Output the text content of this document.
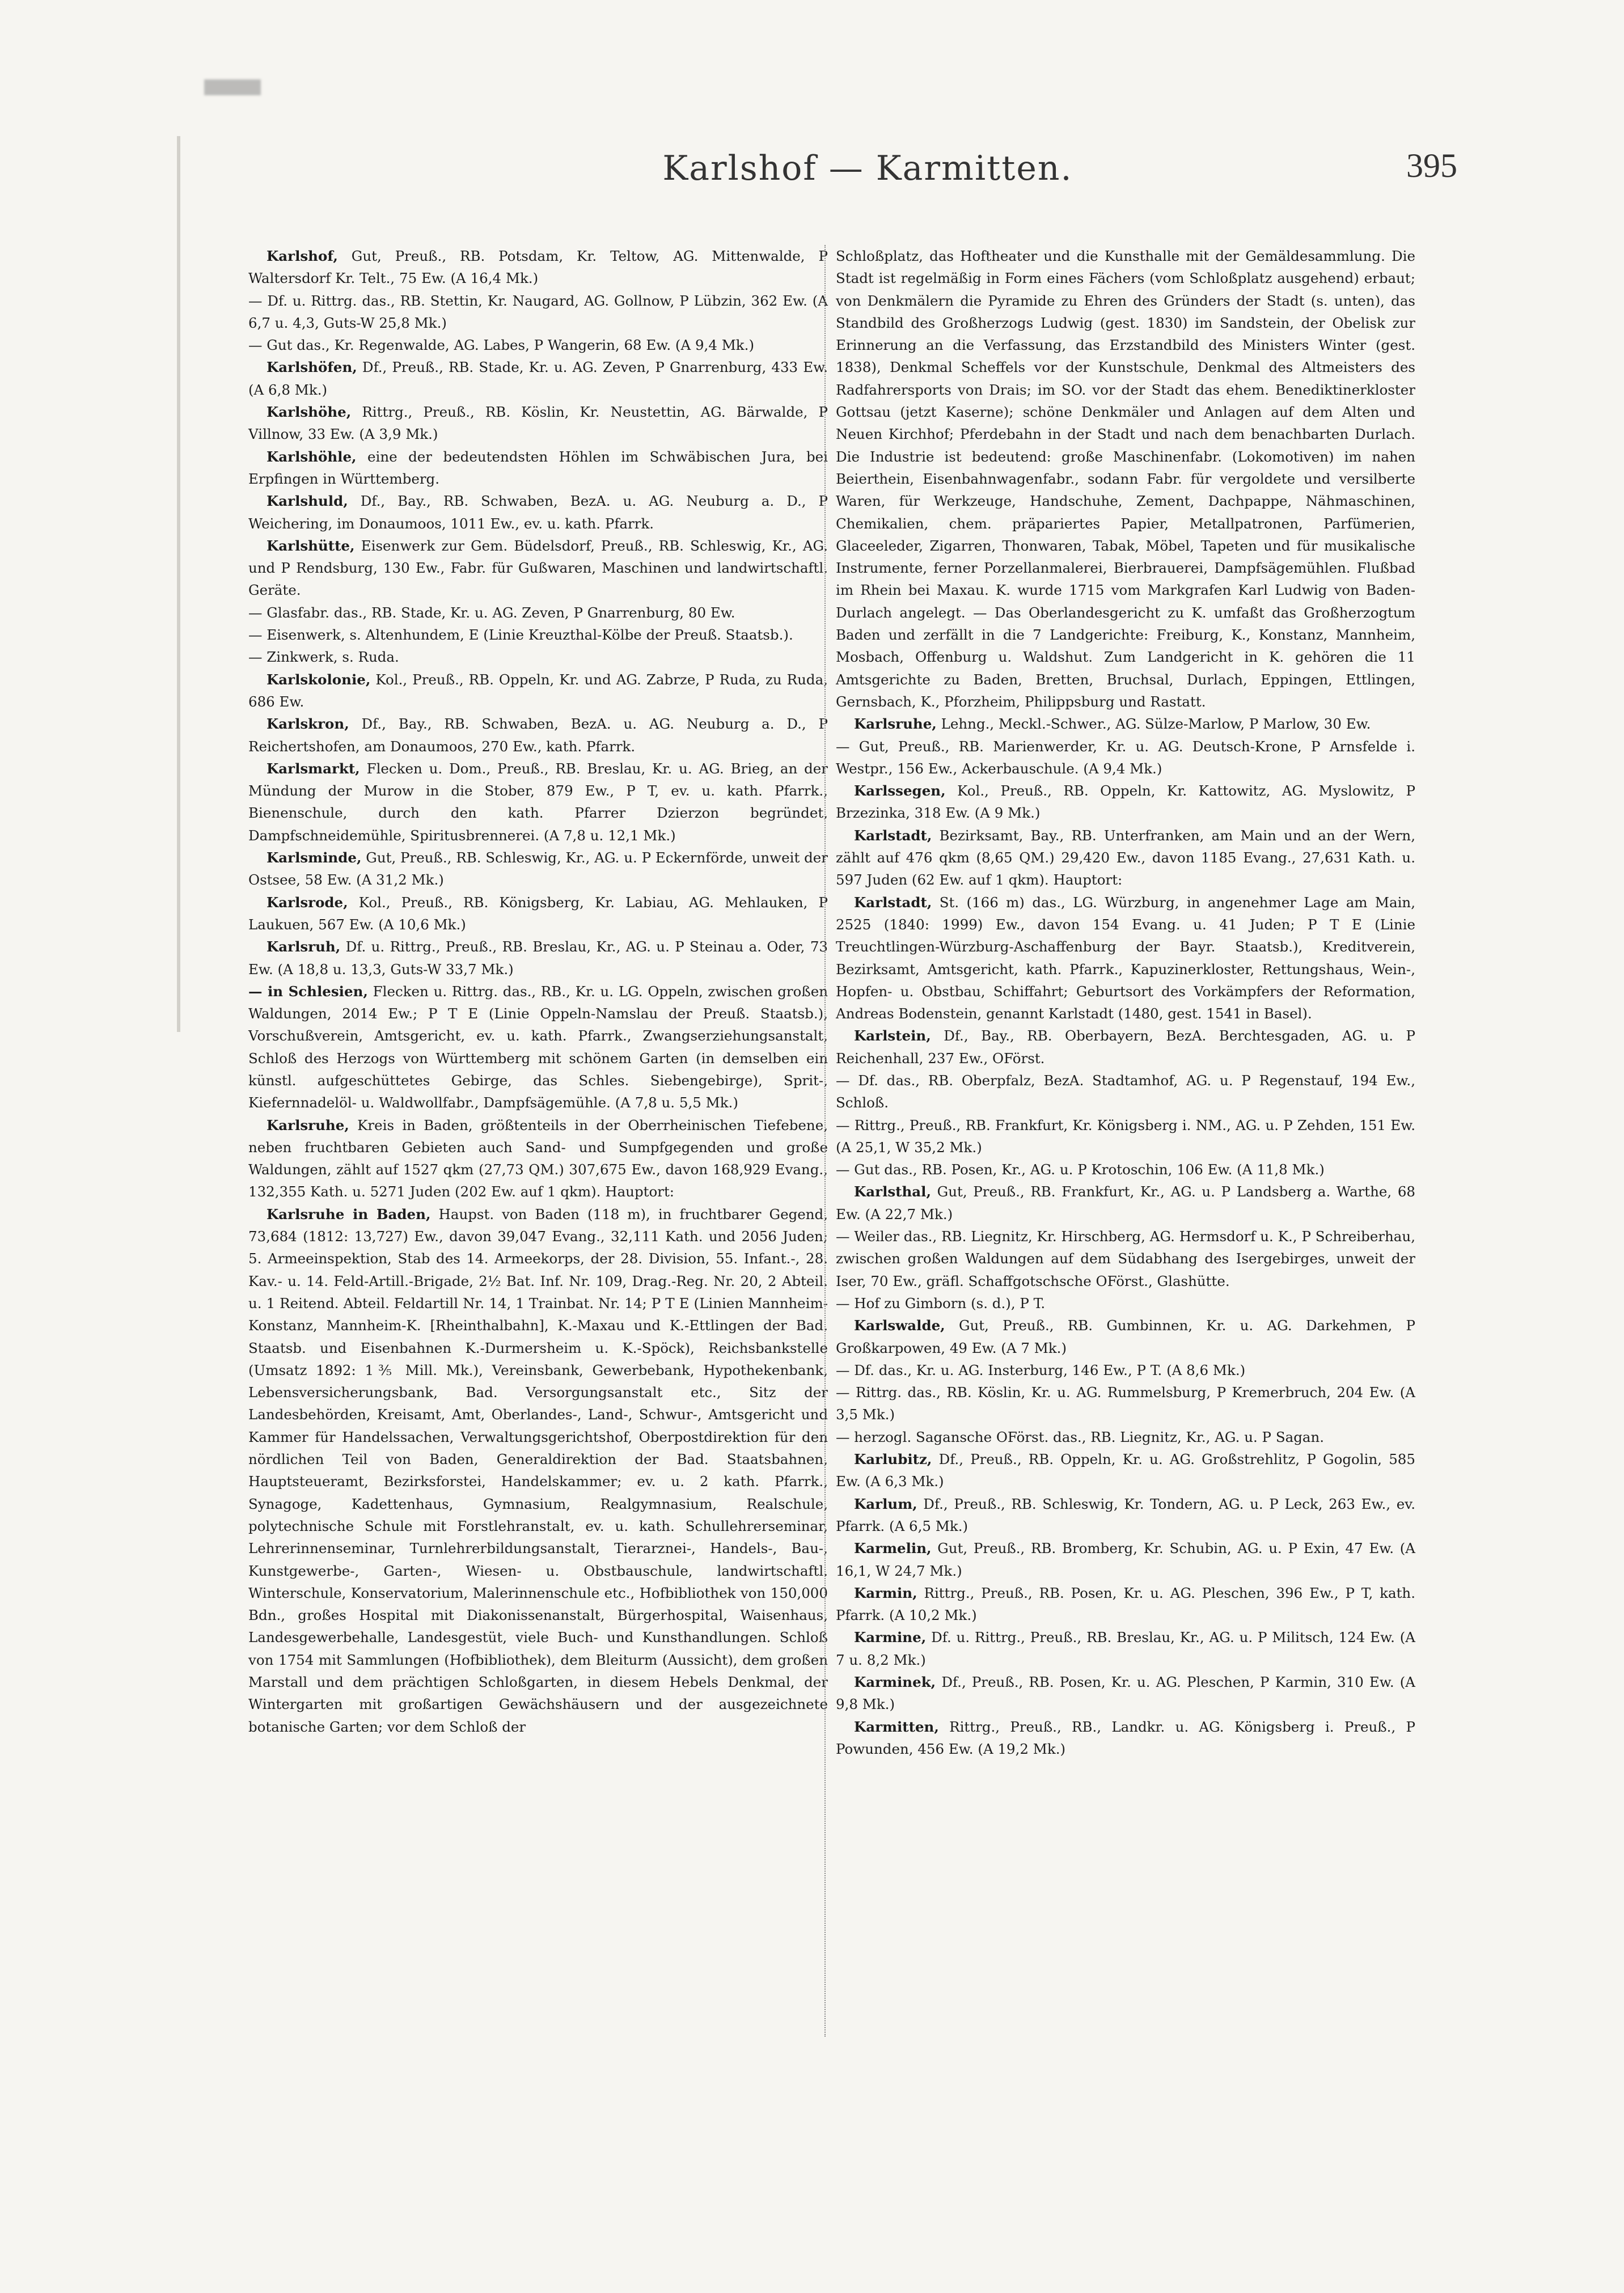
Karlshof — Karmitten.	395

Karlshof, Gut, Preuß., RB. Potsdam, Kr. Teltow, AG. Mittenwalde, P Waltersdorf Kr. Telt., 75 Ew. (A 16,4 Mk.)

— Df. u. Rittrg. das., RB. Stettin, Kr. Naugard, AG. Gollnow, P Lübzin, 362 Ew. (A 6,7 u. 4,3, Guts-W 25,8 Mk.)

— Gut das., Kr. Regenwalde, AG. Labes, P Wangerin, 68 Ew. (A 9,4 Mk.)

Karlshöfen, Df., Preuß., RB. Stade, Kr. u. AG. Zeven, P Gnarrenburg, 433 Ew. (A 6,8 Mk.)

Karlshöhe, Rittrg., Preuß., RB. Köslin, Kr. Neustettin, AG. Bärwalde, P Villnow, 33 Ew. (A 3,9 Mk.)

Karlshöhle, eine der bedeutendsten Höhlen im Schwäbischen Jura, bei Erpfingen in Württemberg.

Karlshuld, Df., Bay., RB. Schwaben, BezA. u. AG. Neuburg a. D., P Weichering, im Donaumoos, 1011 Ew., ev. u. kath. Pfarrk.

Karlshütte, Eisenwerk zur Gem. Büdelsdorf, Preuß., RB. Schleswig, Kr., AG. und P Rendsburg, 130 Ew., Fabr. für Gußwaren, Maschinen und landwirtschaftl. Geräte.

— Glasfabr. das., RB. Stade, Kr. u. AG. Zeven, P Gnarrenburg, 80 Ew.

— Eisenwerk, s. Altenhundem, E (Linie Kreuzthal-Kölbe der Preuß. Staatsb.).

— Zinkwerk, s. Ruda.

Karlskolonie, Kol., Preuß., RB. Oppeln, Kr. und AG. Zabrze, P Ruda, zu Ruda, 686 Ew.

Karlskron, Df., Bay., RB. Schwaben, BezA. u. AG. Neuburg a. D., P Reichertshofen, am Donaumoos, 270 Ew., kath. Pfarrk.

Karlsmarkt, Flecken u. Dom., Preuß., RB. Breslau, Kr. u. AG. Brieg, an der Mündung der Murow in die Stober, 879 Ew., P T, ev. u. kath. Pfarrk., Bienenschule, durch den kath. Pfarrer Dzierzon begründet, Dampfschneidemühle, Spiritusbrennerei. (A 7,8 u. 12,1 Mk.)

Karlsminde, Gut, Preuß., RB. Schleswig, Kr., AG. u. P Eckernförde, unweit der Ostsee, 58 Ew. (A 31,2 Mk.)

Karlsrode, Kol., Preuß., RB. Königsberg, Kr. Labiau, AG. Mehlauken, P Laukuen, 567 Ew. (A 10,6 Mk.)

Karlsruh, Df. u. Rittrg., Preuß., RB. Breslau, Kr., AG. u. P Steinau a. Oder, 73 Ew. (A 18,8 u. 13,3, Guts-W 33,7 Mk.)

— in Schlesien, Flecken u. Rittrg. das., RB., Kr. u. LG. Oppeln, zwischen großen Waldungen, 2014 Ew.; P T E (Linie Oppeln-Namslau der Preuß. Staatsb.), Vorschußverein, Amtsgericht, ev. u. kath. Pfarrk., Zwangserziehungsanstalt, Schloß des Herzogs von Württemberg mit schönem Garten (in demselben ein künstl. aufgeschüttetes Gebirge, das Schles. Siebengebirge), Sprit-, Kiefernnadelöl- u. Waldwollfabr., Dampfsägemühle. (A 7,8 u. 5,5 Mk.)

Karlsruhe, Kreis in Baden, größtenteils in der Oberrheinischen Tiefebene, neben fruchtbaren Gebieten auch Sand- und Sumpfgegenden und große Waldungen, zählt auf 1527 qkm (27,73 QM.) 307,675 Ew., davon 168,929 Evang., 132,355 Kath. u. 5271 Juden (202 Ew. auf 1 qkm). Hauptort:

Karlsruhe in Baden, Haupst. von Baden (118 m), in fruchtbarer Gegend, 73,684 (1812: 13,727) Ew., davon 39,047 Evang., 32,111 Kath. und 2056 Juden; 5. Armeeinspektion, Stab des 14. Armeekorps, der 28. Division, 55. Infant.-, 28. Kav.- u. 14. Feld-Artill.-Brigade, 2½ Bat. Inf. Nr. 109, Drag.-Reg. Nr. 20, 2 Abteil. u. 1 Reitend. Abteil. Feldartill Nr. 14, 1 Trainbat. Nr. 14; P T E (Linien Mannheim-Konstanz, Mannheim-K. [Rheinthalbahn], K.-Maxau und K.-Ettlingen der Bad. Staatsb. und Eisenbahnen K.-Durmersheim u. K.-Spöck), Reichsbankstelle (Umsatz 1892: 1⅗ Mill. Mk.), Vereinsbank, Gewerbebank, Hypothekenbank, Lebensversicherungsbank, Bad. Versorgungsanstalt etc., Sitz der Landesbehörden, Kreisamt, Amt, Oberlandes-, Land-, Schwur-, Amtsgericht und Kammer für Handelssachen, Verwaltungsgerichtshof, Oberpostdirektion für den nördlichen Teil von Baden, Generaldirektion der Bad. Staatsbahnen, Hauptsteueramt, Bezirksforstei, Handelskammer; ev. u. 2 kath. Pfarrk., Synagoge, Kadettenhaus, Gymnasium, Realgymnasium, Realschule, polytechnische Schule mit Forstlehranstalt, ev. u. kath. Schullehrerseminar, Lehrerinnenseminar, Turnlehrerbildungsanstalt, Tierarznei-, Handels-, Bau-, Kunstgewerbe-, Garten-, Wiesen- u. Obstbauschule, landwirtschaftl. Winterschule, Konservatorium, Malerinnenschule etc., Hofbibliothek von 150,000 Bdn., großes Hospital mit Diakonissenanstalt, Bürgerhospital, Waisenhaus, Landesgewerbehalle, Landesgestüt, viele Buch- und Kunsthandlungen. Schloß von 1754 mit Sammlungen (Hofbibliothek), dem Bleiturm (Aussicht), dem großen Marstall und dem prächtigen Schloßgarten, in diesem Hebels Denkmal, der Wintergarten mit großartigen Gewächshäusern und der ausgezeichnete botanische Garten; vor dem Schloß der

Schloßplatz, das Hoftheater und die Kunsthalle mit der Gemäldesammlung. Die Stadt ist regelmäßig in Form eines Fächers (vom Schloßplatz ausgehend) erbaut; von Denkmälern die Pyramide zu Ehren des Gründers der Stadt (s. unten), das Standbild des Großherzogs Ludwig (gest. 1830) im Sandstein, der Obelisk zur Erinnerung an die Verfassung, das Erzstandbild des Ministers Winter (gest. 1838), Denkmal Scheffels vor der Kunstschule, Denkmal des Altmeisters des Radfahrersports von Drais; im SO. vor der Stadt das ehem. Benediktinerkloster Gottsau (jetzt Kaserne); schöne Denkmäler und Anlagen auf dem Alten und Neuen Kirchhof; Pferdebahn in der Stadt und nach dem benachbarten Durlach. Die Industrie ist bedeutend: große Maschinenfabr. (Lokomotiven) im nahen Beierthein, Eisenbahnwagenfabr., sodann Fabr. für vergoldete und versilberte Waren, für Werkzeuge, Handschuhe, Zement, Dachpappe, Nähmaschinen, Chemikalien, chem. präpariertes Papier, Metallpatronen, Parfümerien, Glaceeleder, Zigarren, Thonwaren, Tabak, Möbel, Tapeten und für musikalische Instrumente, ferner Porzellanmalerei, Bierbrauerei, Dampfsägemühlen. Flußbad im Rhein bei Maxau. K. wurde 1715 vom Markgrafen Karl Ludwig von Baden-Durlach angelegt. — Das Oberlandesgericht zu K. umfaßt das Großherzogtum Baden und zerfällt in die 7 Landgerichte: Freiburg, K., Konstanz, Mannheim, Mosbach, Offenburg u. Waldshut. Zum Landgericht in K. gehören die 11 Amtsgerichte zu Baden, Bretten, Bruchsal, Durlach, Eppingen, Ettlingen, Gernsbach, K., Pforzheim, Philippsburg und Rastatt.

Karlsruhe, Lehng., Meckl.-Schwer., AG. Sülze-Marlow, P Marlow, 30 Ew.

— Gut, Preuß., RB. Marienwerder, Kr. u. AG. Deutsch-Krone, P Arnsfelde i. Westpr., 156 Ew., Ackerbauschule. (A 9,4 Mk.)

Karlssegen, Kol., Preuß., RB. Oppeln, Kr. Kattowitz, AG. Myslowitz, P Brzezinka, 318 Ew. (A 9 Mk.)

Karlstadt, Bezirksamt, Bay., RB. Unterfranken, am Main und an der Wern, zählt auf 476 qkm (8,65 QM.) 29,420 Ew., davon 1185 Evang., 27,631 Kath. u. 597 Juden (62 Ew. auf 1 qkm). Hauptort:

Karlstadt, St. (166 m) das., LG. Würzburg, in angenehmer Lage am Main, 2525 (1840: 1999) Ew., davon 154 Evang. u. 41 Juden; P T E (Linie Treuchtlingen-Würzburg-Aschaffenburg der Bayr. Staatsb.), Kreditverein, Bezirksamt, Amtsgericht, kath. Pfarrk., Kapuzinerkloster, Rettungshaus, Wein-, Hopfen- u. Obstbau, Schiffahrt; Geburtsort des Vorkämpfers der Reformation, Andreas Bodenstein, genannt Karlstadt (1480, gest. 1541 in Basel).

Karlstein, Df., Bay., RB. Oberbayern, BezA. Berchtesgaden, AG. u. P Reichenhall, 237 Ew., OFörst.

— Df. das., RB. Oberpfalz, BezA. Stadtamhof, AG. u. P Regenstauf, 194 Ew., Schloß.

— Rittrg., Preuß., RB. Frankfurt, Kr. Königsberg i. NM., AG. u. P Zehden, 151 Ew. (A 25,1, W 35,2 Mk.)

— Gut das., RB. Posen, Kr., AG. u. P Krotoschin, 106 Ew. (A 11,8 Mk.)

Karlsthal, Gut, Preuß., RB. Frankfurt, Kr., AG. u. P Landsberg a. Warthe, 68 Ew. (A 22,7 Mk.)

— Weiler das., RB. Liegnitz, Kr. Hirschberg, AG. Hermsdorf u. K., P Schreiberhau, zwischen großen Waldungen auf dem Südabhang des Isergebirges, unweit der Iser, 70 Ew., gräfl. Schaffgotschsche OFörst., Glashütte.

— Hof zu Gimborn (s. d.), P T.

Karlswalde, Gut, Preuß., RB. Gumbinnen, Kr. u. AG. Darkehmen, P Großkarpowen, 49 Ew. (A 7 Mk.)

— Df. das., Kr. u. AG. Insterburg, 146 Ew., P T. (A 8,6 Mk.)

— Rittrg. das., RB. Köslin, Kr. u. AG. Rummelsburg, P Kremerbruch, 204 Ew. (A 3,5 Mk.)

— herzogl. Sagansche OFörst. das., RB. Liegnitz, Kr., AG. u. P Sagan.

Karlubitz, Df., Preuß., RB. Oppeln, Kr. u. AG. Großstrehlitz, P Gogolin, 585 Ew. (A 6,3 Mk.)

Karlum, Df., Preuß., RB. Schleswig, Kr. Tondern, AG. u. P Leck, 263 Ew., ev. Pfarrk. (A 6,5 Mk.)

Karmelin, Gut, Preuß., RB. Bromberg, Kr. Schubin, AG. u. P Exin, 47 Ew. (A 16,1, W 24,7 Mk.)

Karmin, Rittrg., Preuß., RB. Posen, Kr. u. AG. Pleschen, 396 Ew., P T, kath. Pfarrk. (A 10,2 Mk.)

Karmine, Df. u. Rittrg., Preuß., RB. Breslau, Kr., AG. u. P Militsch, 124 Ew. (A 7 u. 8,2 Mk.)

Karminek, Df., Preuß., RB. Posen, Kr. u. AG. Pleschen, P Karmin, 310 Ew. (A 9,8 Mk.)

Karmitten, Rittrg., Preuß., RB., Landkr. u. AG. Königsberg i. Preuß., P Powunden, 456 Ew. (A 19,2 Mk.)
